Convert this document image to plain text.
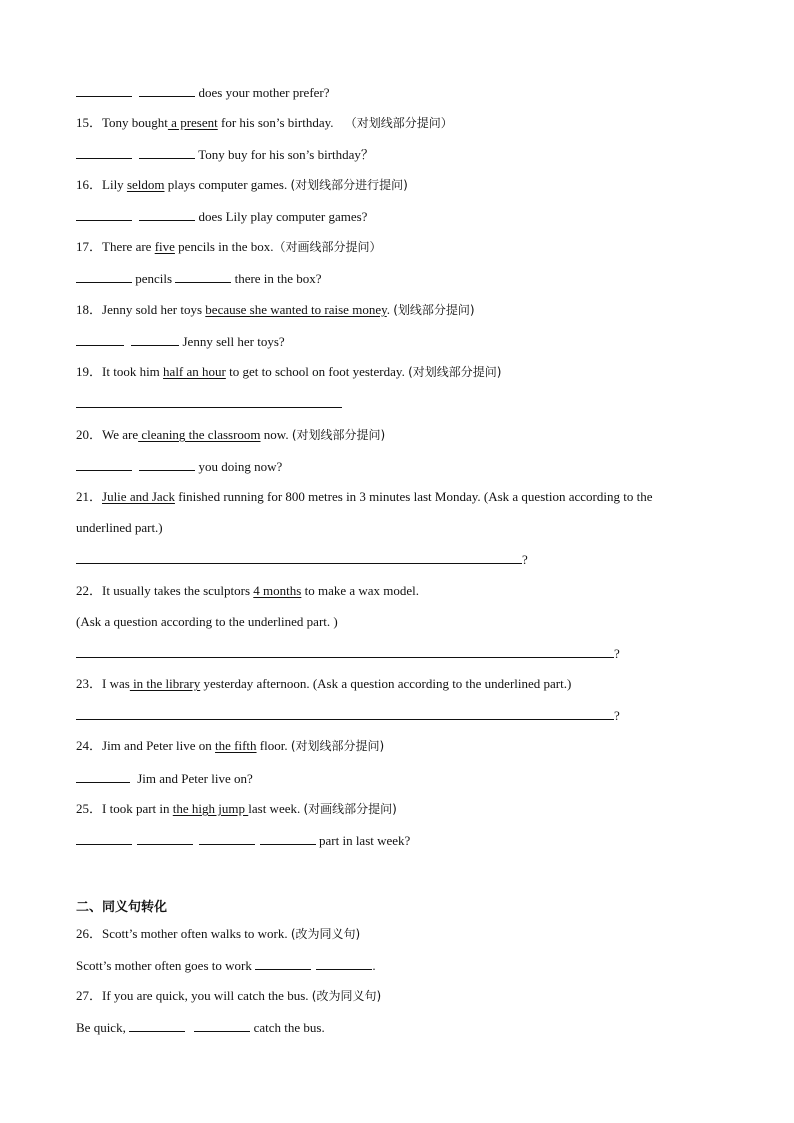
does your mother prefer?
15．Tony bought a present for his son’s birthday. （对划线部分提问）
Tony buy for his son’s birthday？
16．Lily seldom plays computer games. (对划线部分进行提问)
does Lily play computer games?
17．There are five pencils in the box.（对画线部分提问）
pencils	there in the box?
18．Jenny sold her toys because she wanted to raise money. (划线部分提问)
Jenny sell her toys?
19．It took him half an hour to get to school on foot yesterday. (对划线部分提问)
20．We are cleaning the classroom now. (对划线部分提问)
you doing now?
21．Julie and Jack finished running for 800 metres in 3 minutes last Monday. (Ask a question according to the
underlined part.)
?
22．It usually takes the sculptors 4 months to make a wax model.
(Ask a question according to the underlined part. )
?
23．I was in the library yesterday afternoon. (Ask a question according to the underlined part.)
?
24．Jim and Peter live on the fifth floor. (对划线部分提问)
Jim and Peter live on?
25．I took part in the high jump last week. (对画线部分提问)
part in last week?
二、同义句转化
26．Scott’s mother often walks to work. (改为同义句)
Scott’s mother often goes to work	.
27．If you are quick, you will catch the bus. (改为同义句)
Be quick,	catch the bus.
